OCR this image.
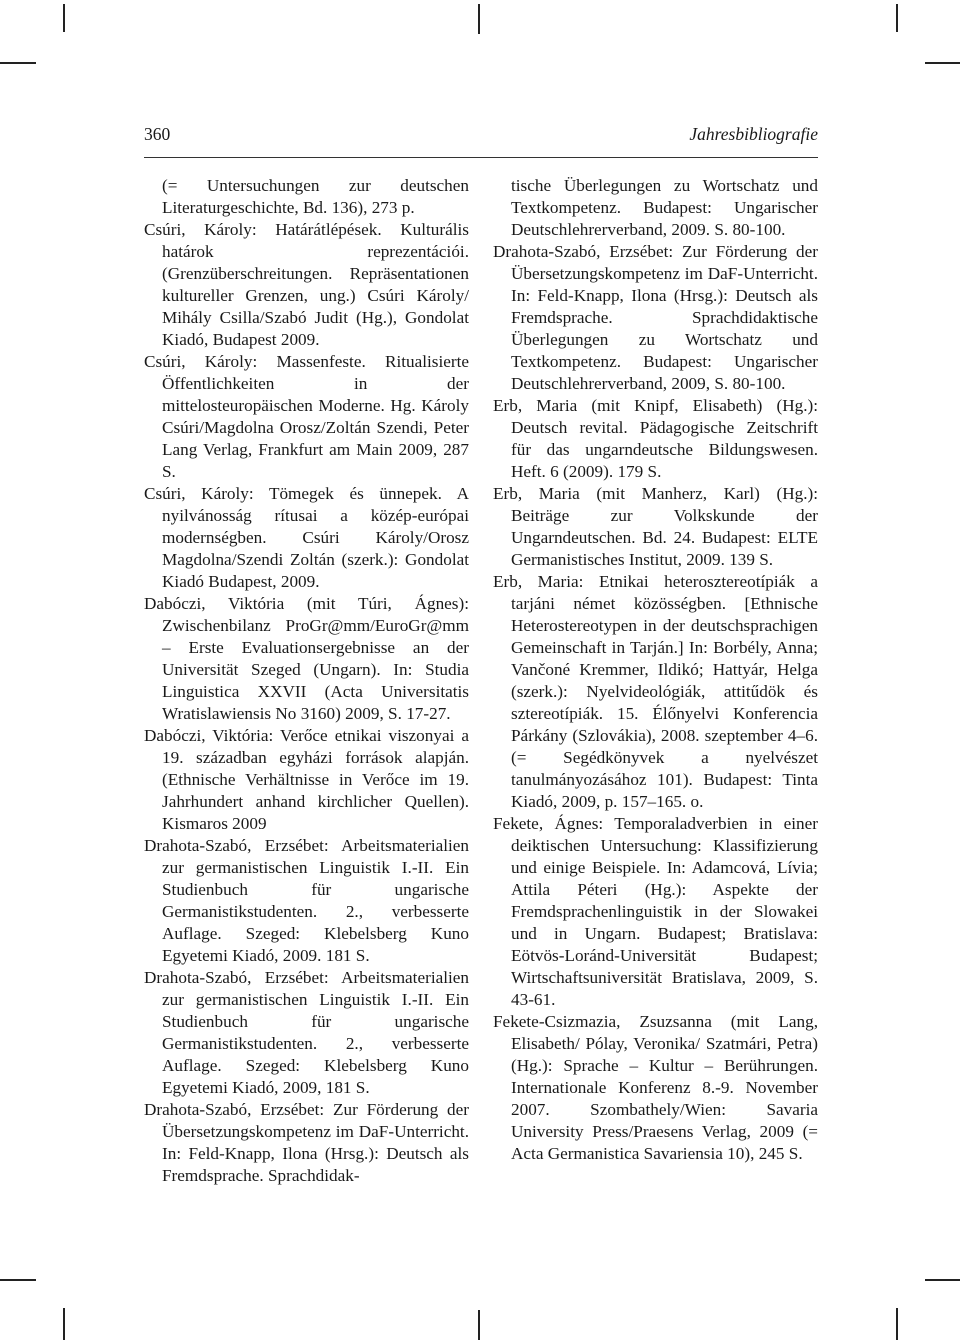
360	Jahresbibliografie

(= Untersuchungen zur deutschen Literaturgeschichte, Bd. 136), 273 p.

Csúri, Károly: Határátlépések. Kulturális határok reprezentációi. (Grenzüberschreitungen. Repräsentationen kultureller Grenzen, ung.) Csúri Károly/ Mihály Csilla/Szabó Judit (Hg.), Gondolat Kiadó, Budapest 2009.

Csúri, Károly: Massenfeste. Ritualisierte Öffentlichkeiten in der mittelosteuropäischen Moderne. Hg. Károly Csúri/Magdolna Orosz/Zoltán Szendi, Peter Lang Verlag, Frankfurt am Main 2009, 287 S.

Csúri, Károly: Tömegek és ünnepek. A nyilvánosság rítusai a közép-európai modernségben. Csúri Károly/Orosz Magdolna/Szendi Zoltán (szerk.): Gondolat Kiadó Budapest, 2009.

Dabóczi, Viktória (mit Túri, Ágnes): Zwischenbilanz ProGr@mm/EuroGr@mm – Erste Evaluationsergebnisse an der Universität Szeged (Ungarn). In: Studia Linguistica XXVII (Acta Universitatis Wratislawiensis No 3160) 2009, S. 17-27.

Dabóczi, Viktória: Verőce etnikai viszonyai a 19. században egyházi források alapján. (Ethnische Verhältnisse in Verőce im 19. Jahrhundert anhand kirchlicher Quellen). Kismaros 2009

Drahota-Szabó, Erzsébet: Arbeitsmaterialien zur germanistischen Linguistik I.-II. Ein Studienbuch für ungarische Germanistikstudenten. 2., verbesserte Auflage. Szeged: Klebelsberg Kuno Egyetemi Kiadó, 2009. 181 S.

Drahota-Szabó, Erzsébet: Arbeitsmaterialien zur germanistischen Linguistik I.-II. Ein Studienbuch für ungarische Germanistikstudenten. 2., verbesserte Auflage. Szeged: Klebelsberg Kuno Egyetemi Kiadó, 2009, 181 S.

Drahota-Szabó, Erzsébet: Zur Förderung der Übersetzungskompetenz im DaF-Unterricht. In: Feld-Knapp, Ilona (Hrsg.): Deutsch als Fremdsprache. Sprachdidak-

tische Überlegungen zu Wortschatz und Textkompetenz. Budapest: Ungarischer Deutschlehrerverband, 2009. S. 80-100.

Drahota-Szabó, Erzsébet: Zur Förderung der Übersetzungskompetenz im DaF-Unterricht. In: Feld-Knapp, Ilona (Hrsg.): Deutsch als Fremdsprache. Sprachdidaktische Überlegungen zu Wortschatz und Textkompetenz. Budapest: Ungarischer Deutschlehrerverband, 2009, S. 80-100.

Erb, Maria (mit Knipf, Elisabeth) (Hg.): Deutsch revital. Pädagogische Zeitschrift für das ungarndeutsche Bildungswesen. Heft. 6 (2009). 179 S.

Erb, Maria (mit Manherz, Karl) (Hg.): Beiträge zur Volkskunde der Ungarndeutschen. Bd. 24. Budapest: ELTE Germanistisches Institut, 2009. 139 S.

Erb, Maria: Etnikai heterosztereotípiák a tarjáni német közösségben. [Ethnische Heterostereotypen in der deutschsprachigen Gemeinschaft in Tarján.] In: Borbély, Anna; Vančoné Kremmer, Ildikó; Hattyár, Helga (szerk.): Nyelvideológiák, attitűdök és sztereotípiák. 15. Élőnyelvi Konferencia Párkány (Szlovákia), 2008. szeptember 4–6. (= Segédkönyvek a nyelvészet tanulmányozásához 101). Budapest: Tinta Kiadó, 2009, p. 157–165. o.

Fekete, Ágnes: Temporaladverbien in einer deiktischen Untersuchung: Klassifizierung und einige Beispiele. In: Adamcová, Lívia; Attila Péteri (Hg.): Aspekte der Fremdsprachenlinguistik in der Slowakei und in Ungarn. Budapest; Bratislava: Eötvös-Loránd-Universität Budapest; Wirtschaftsuniversität Bratislava, 2009, S. 43-61.

Fekete-Csizmazia, Zsuzsanna (mit Lang, Elisabeth/ Pólay, Veronika/ Szatmári, Petra) (Hg.): Sprache – Kultur – Berührungen. Internationale Konferenz 8.-9. November 2007. Szombathely/Wien: Savaria University Press/Praesens Verlag, 2009 (= Acta Germanistica Savariensia 10), 245 S.
